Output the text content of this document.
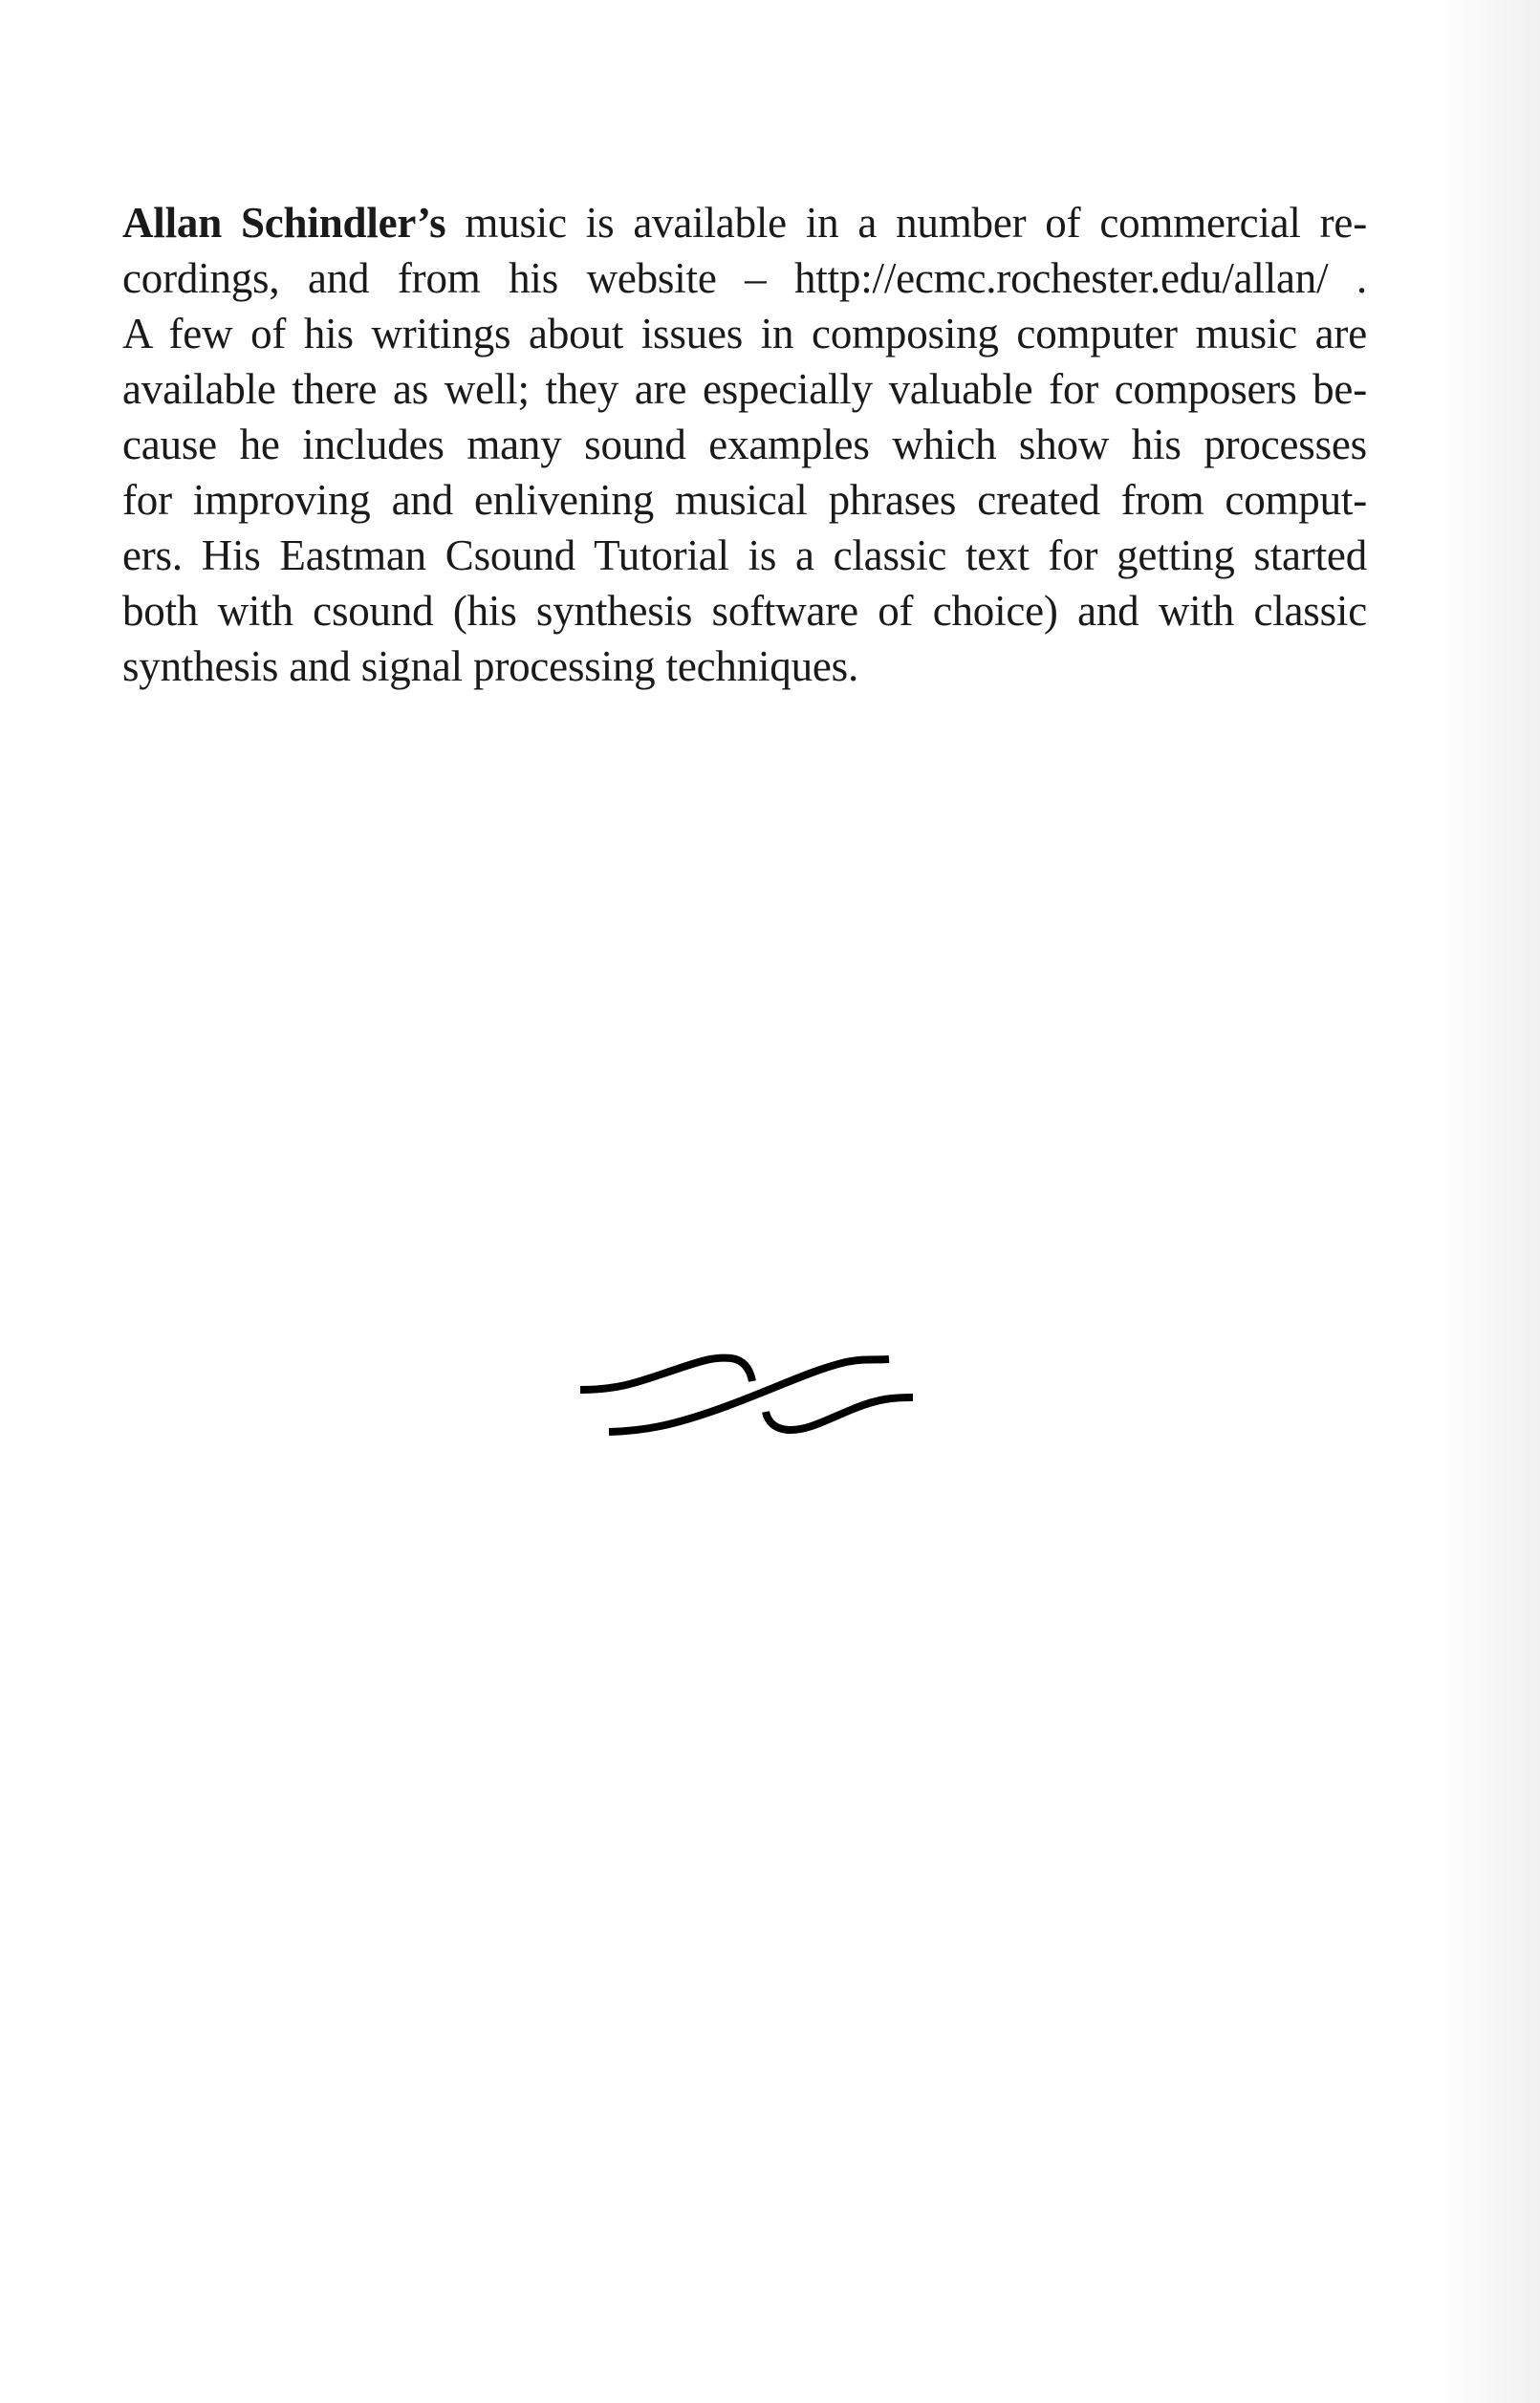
Allan Schindler’s music is available in a number of commercial re-
cordings, and from his website – http://ecmc.rochester.edu/allan/ .
A few of his writings about issues in composing computer music are
available there as well; they are especially valuable for composers be-
cause he includes many sound examples which show his processes
for improving and enlivening musical phrases created from comput-
ers. His Eastman Csound Tutorial is a classic text for getting started
both with csound (his synthesis software of choice) and with classic
synthesis and signal processing techniques.
